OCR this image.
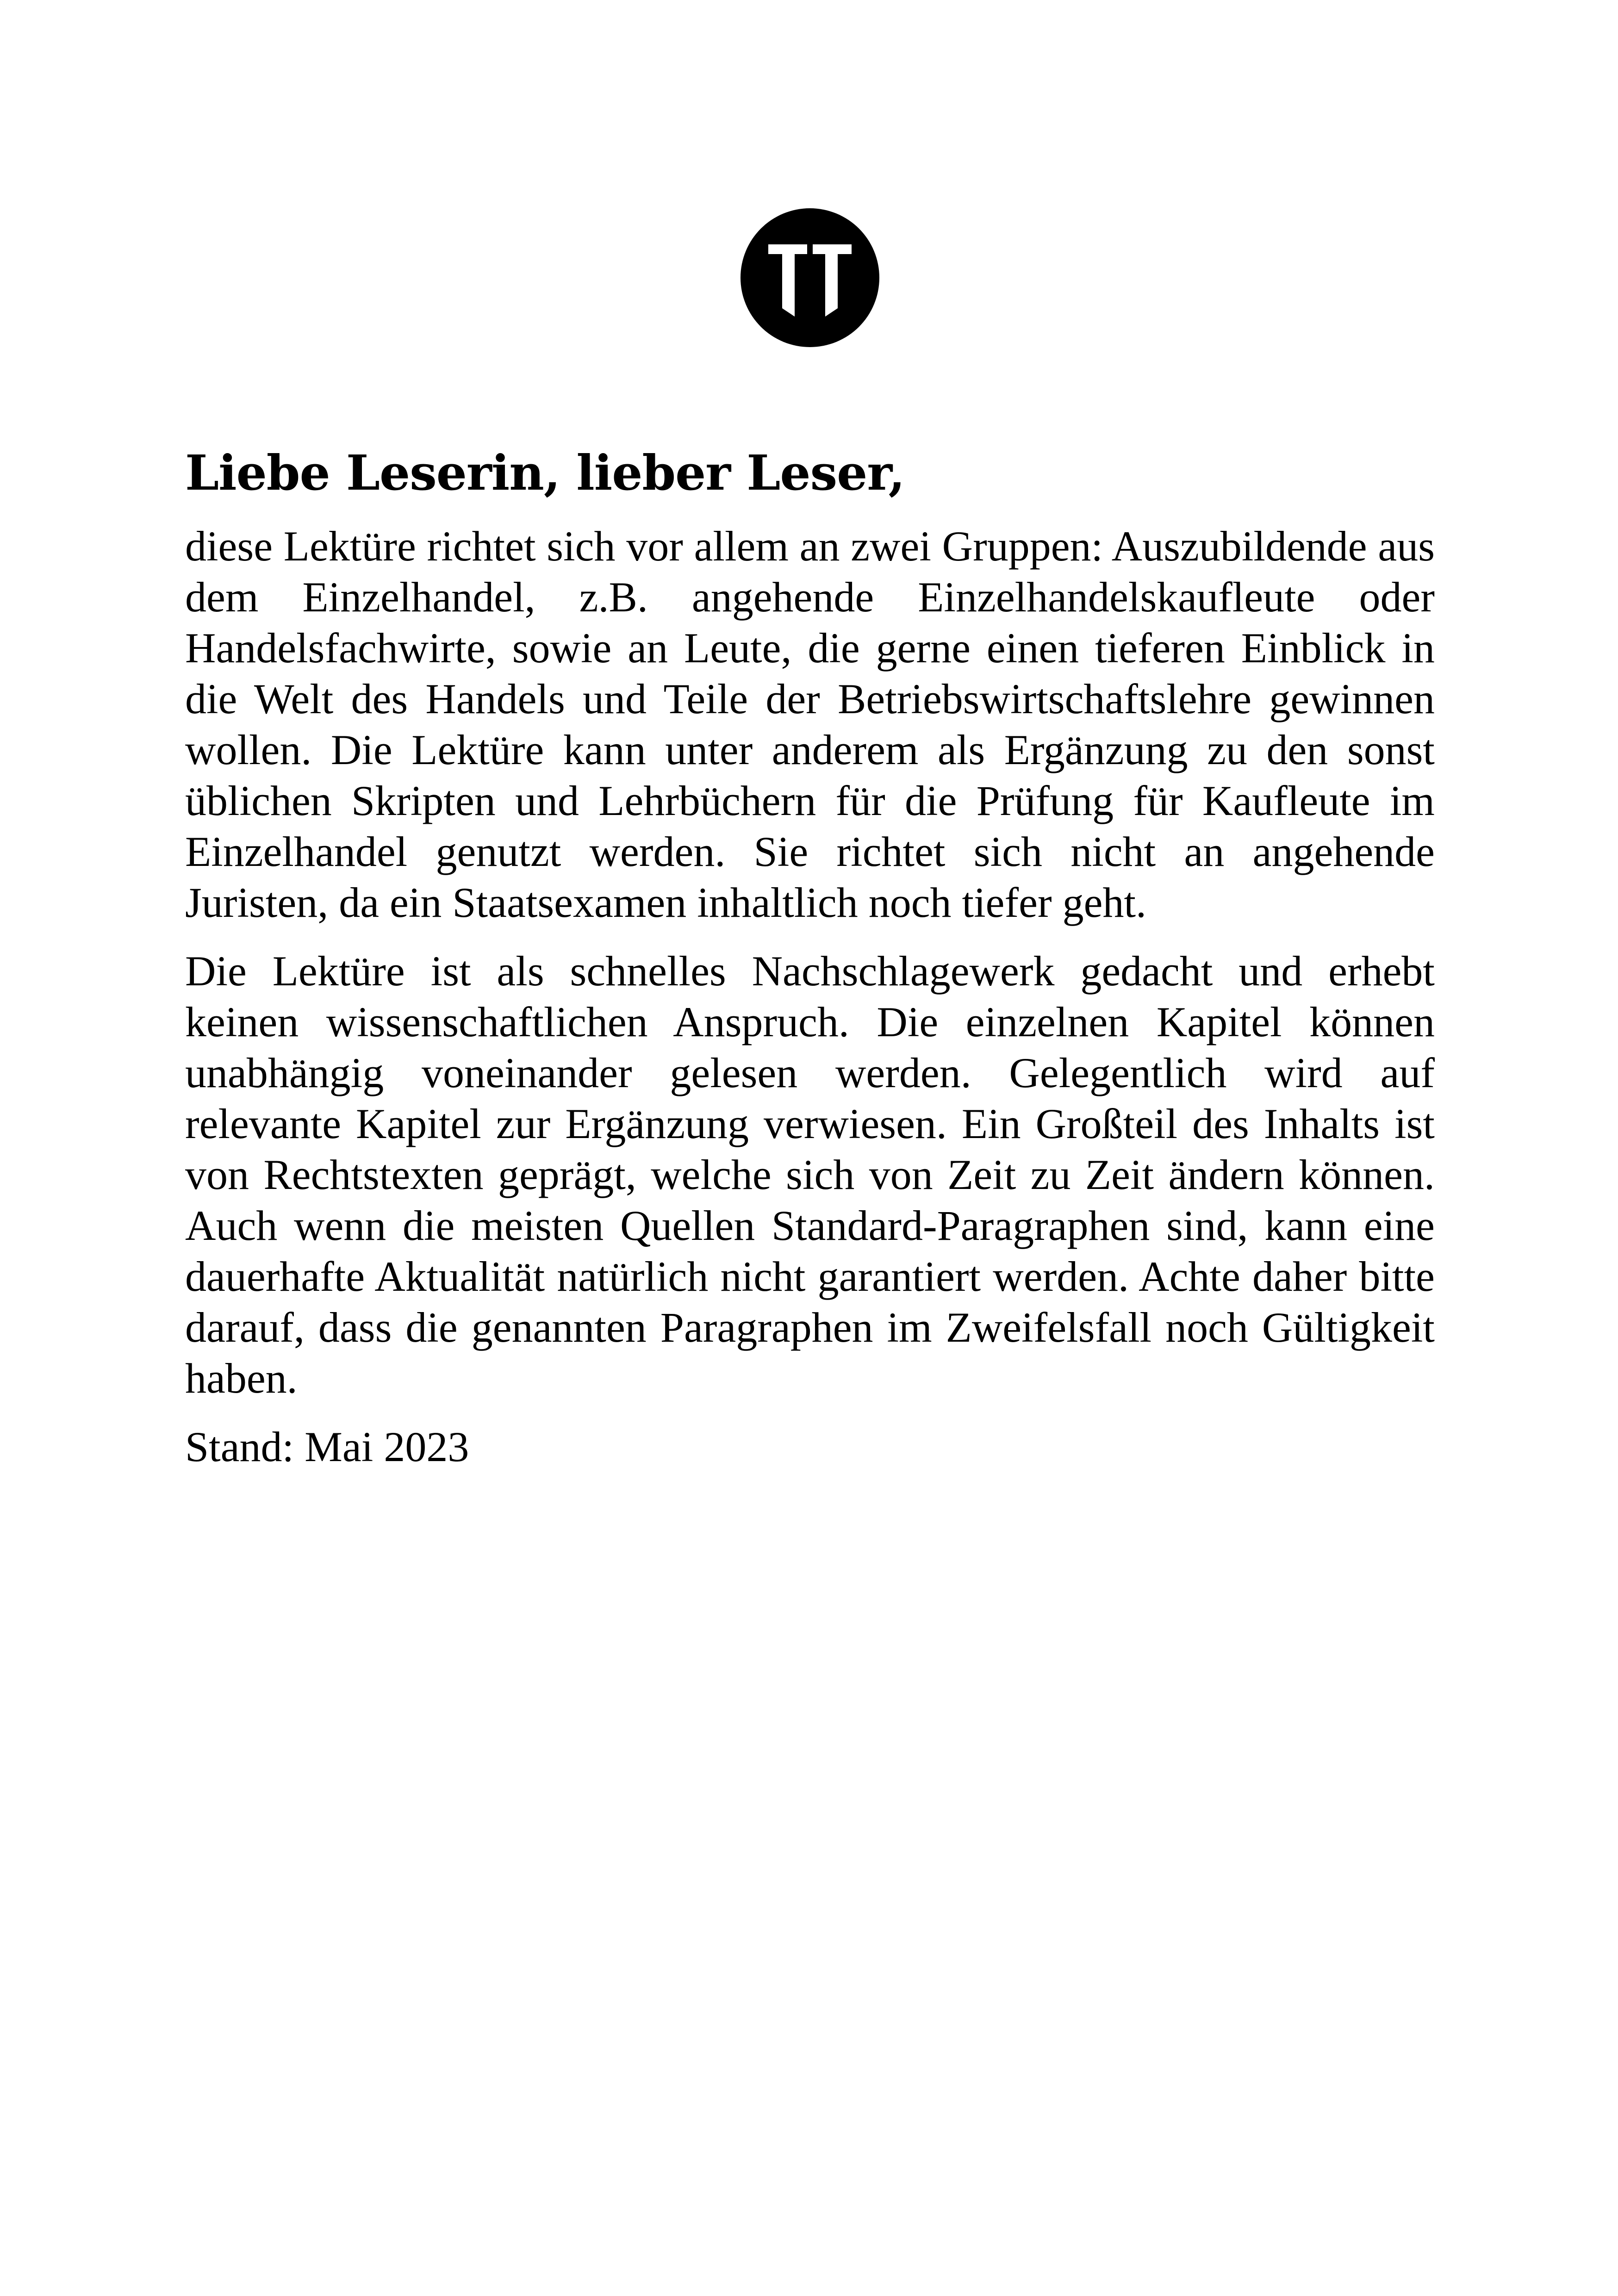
Liebe Leserin, lieber Leser,

diese Lektüre richtet sich vor allem an zwei Gruppen: Auszubildende aus dem Einzelhandel, z.B. angehende Einzelhandelskaufleute oder Handelsfachwirte, sowie an Leute, die gerne einen tieferen Einblick in die Welt des Handels und Teile der Betriebswirtschaftslehre gewinnen wollen. Die Lektüre kann unter anderem als Ergänzung zu den sonst üblichen Skripten und Lehrbüchern für die Prüfung für Kaufleute im Einzelhandel genutzt werden. Sie richtet sich nicht an angehende Juristen, da ein Staatsexamen inhaltlich noch tiefer geht.

Die Lektüre ist als schnelles Nachschlagewerk gedacht und erhebt keinen wissenschaftlichen Anspruch. Die einzelnen Kapitel können unabhängig voneinander gelesen werden. Gelegentlich wird auf relevante Kapitel zur Ergänzung verwiesen. Ein Großteil des Inhalts ist von Rechtstexten geprägt, welche sich von Zeit zu Zeit ändern können. Auch wenn die meisten Quellen Standard-Paragraphen sind, kann eine dauerhafte Aktualität natürlich nicht garantiert werden. Achte daher bitte darauf, dass die genannten Paragraphen im Zweifelsfall noch Gültigkeit haben.

Stand: Mai 2023
